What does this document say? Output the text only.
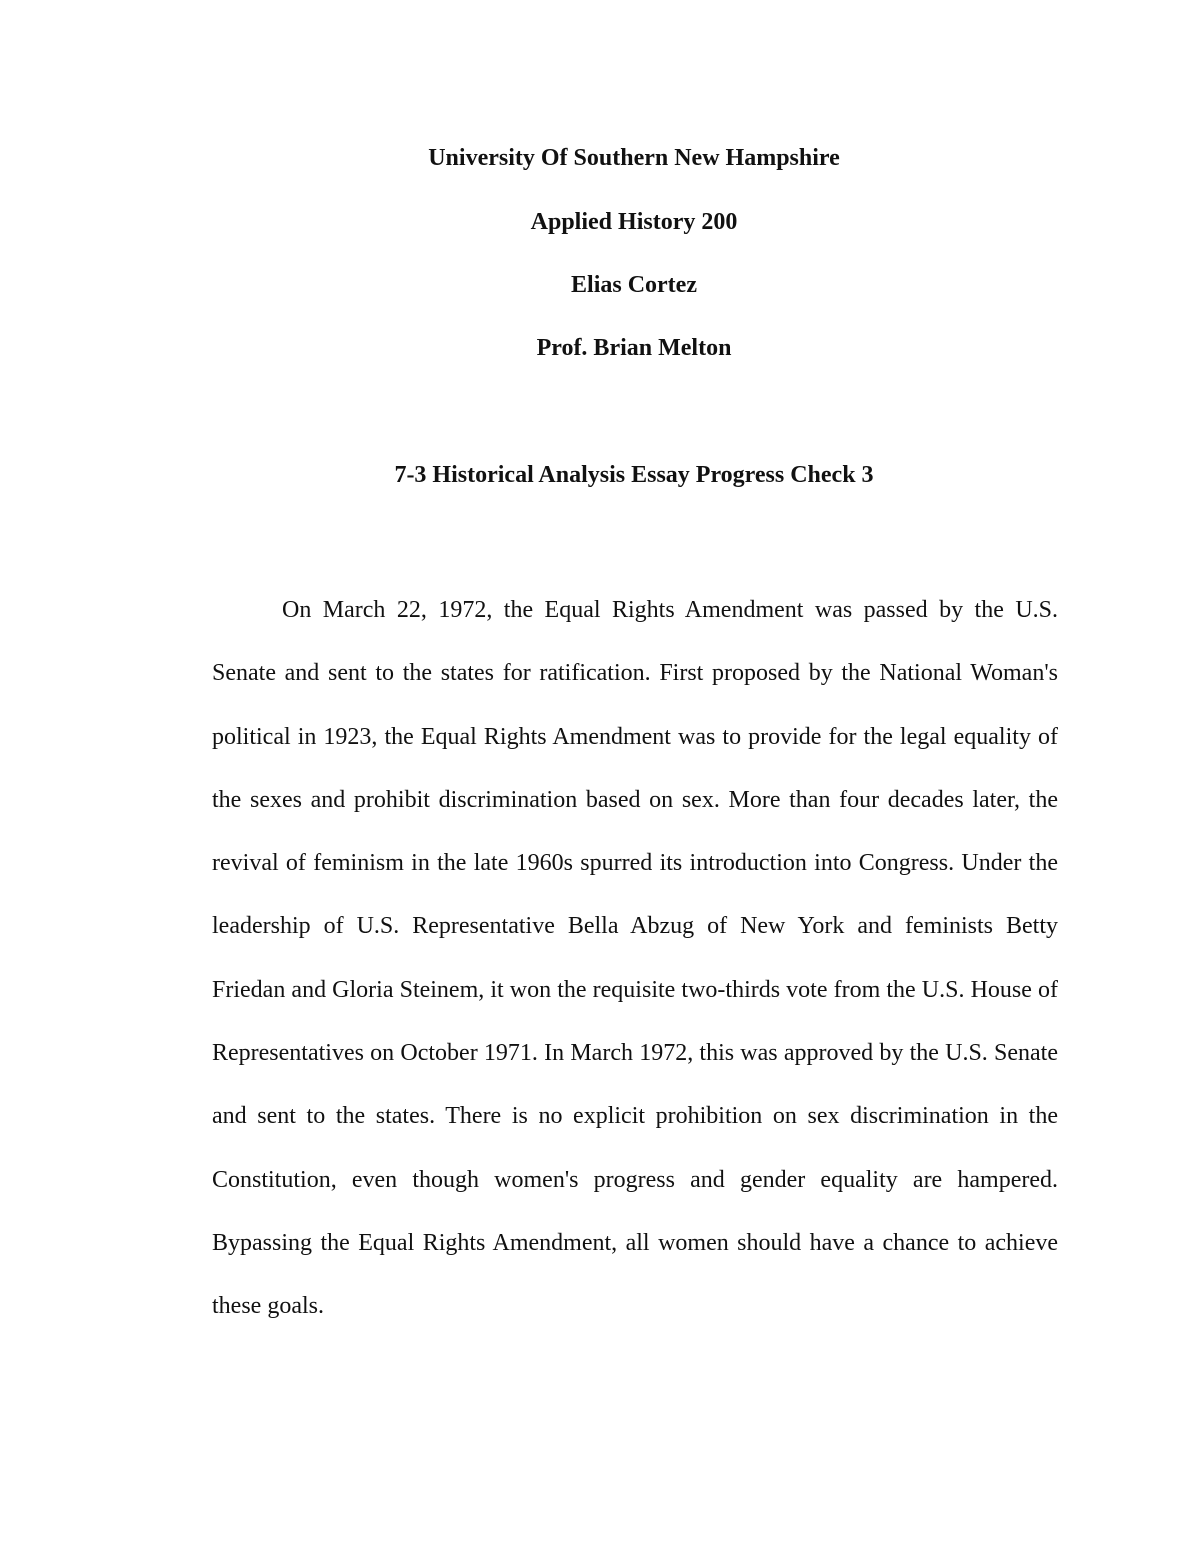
University Of Southern New Hampshire

Applied History 200

Elias Cortez

Prof. Brian Melton

7-3 Historical Analysis Essay Progress Check 3

On March 22, 1972, the Equal Rights Amendment was passed by the U.S. Senate and sent to the states for ratification. First proposed by the National Woman's political in 1923, the Equal Rights Amendment was to provide for the legal equality of the sexes and prohibit discrimination based on sex. More than four decades later, the revival of feminism in the late 1960s spurred its introduction into Congress. Under the leadership of U.S. Representative Bella Abzug of New York and feminists Betty Friedan and Gloria Steinem, it won the requisite two-thirds vote from the U.S. House of Representatives on October 1971. In March 1972, this was approved by the U.S. Senate and sent to the states. There is no explicit prohibition on sex discrimination in the Constitution, even though women's progress and gender equality are hampered. Bypassing the Equal Rights Amendment, all women should have a chance to achieve these goals.
